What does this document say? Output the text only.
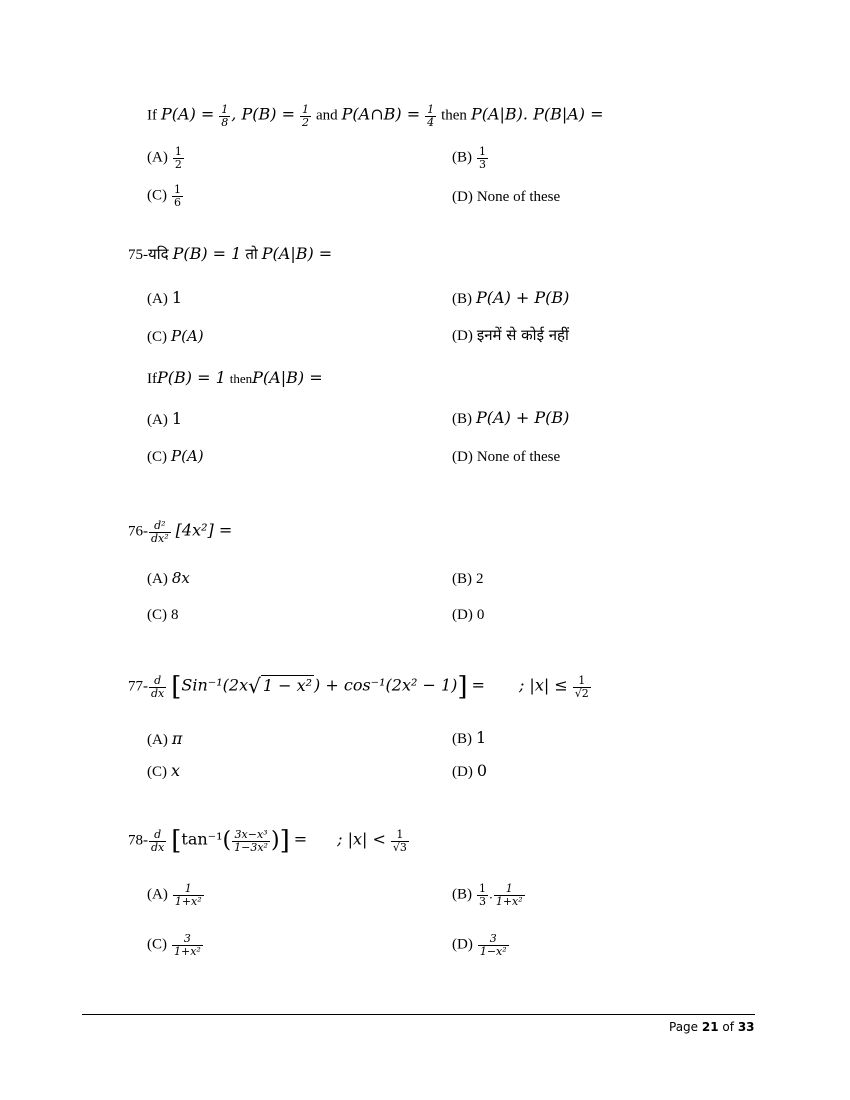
If $P(A) = \frac{1}{8}$ , $P(B) = \frac{1}{2}$ and P(A∩B) = $\frac{1}{4}$ then P(A|B). P(B|A) =
$(A) \frac{1}{2}$	$(B) \frac{1}{3}$
$(C) \frac{1}{6}$	(D) None of these
75-यदि P(B) = 1 तो P(A|B) =
(A) 1	(B) P(A) + P(B)
(C) P(A)	(D) इनमें से कोई नहीं
IfP(B) = 1 thenP(A|B) =
(A) 1	(B) P(A) + P(B)
(C) P(A)	(D) None of these
$76- \frac{\text{d²}}{\text{dx²}} [4x^2]$ =
(A) 8x	(B) 2
(C) 8	(D) 0
$77- \frac{d}{dx} [Sin^{-1}(2x√$ 1 − x² ) + cos⁻¹(2x² − 1)] = ; $|x| \le \frac{1}{√2}$
(A) π	(B) 1
(C) x	(D) 0
$78- \frac{d}{dx} [\tan^{-1}( \frac{\text{3x−x³}}{\text{1−3x²}}$ )] = ; $|x| < \frac{1}{√3}$
$(A) \frac{1}{\text{1+x²}}$	$(B) \frac{1}{3}$ . $\frac{1}{\text{1+x²}}$
$(C) \frac{3}{\text{1+x²}}$	$(D) \frac{3}{\text{1−x²}}$
Page 21 of 33
